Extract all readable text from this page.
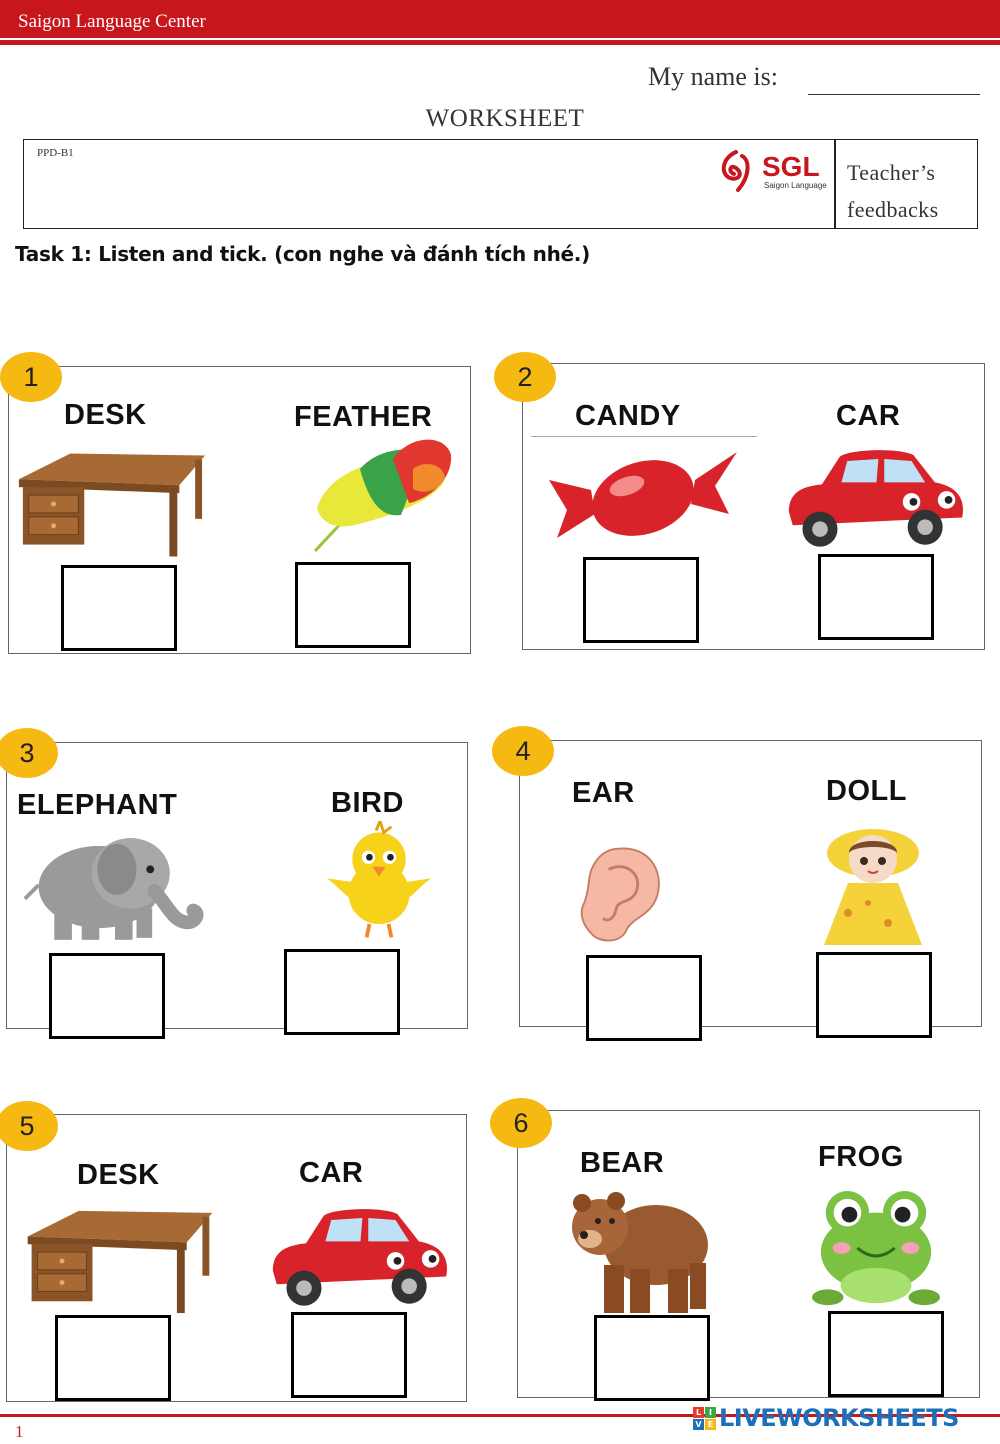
Saigon Language Center
My name is:
WORKSHEET
PPD-B1	SGL
Saigon Language
Teacher’s
feedbacks
Task 1: Listen and tick. (con nghe và đánh tích nhé.)
DESK	FEATHER
1
CANDY	CAR
2
ELEPHANT	BIRD
3
EAR	DOLL
4
DESK	CAR
5
BEAR	FROG
6
1
L I
V E LIVEWORKSHEETS
